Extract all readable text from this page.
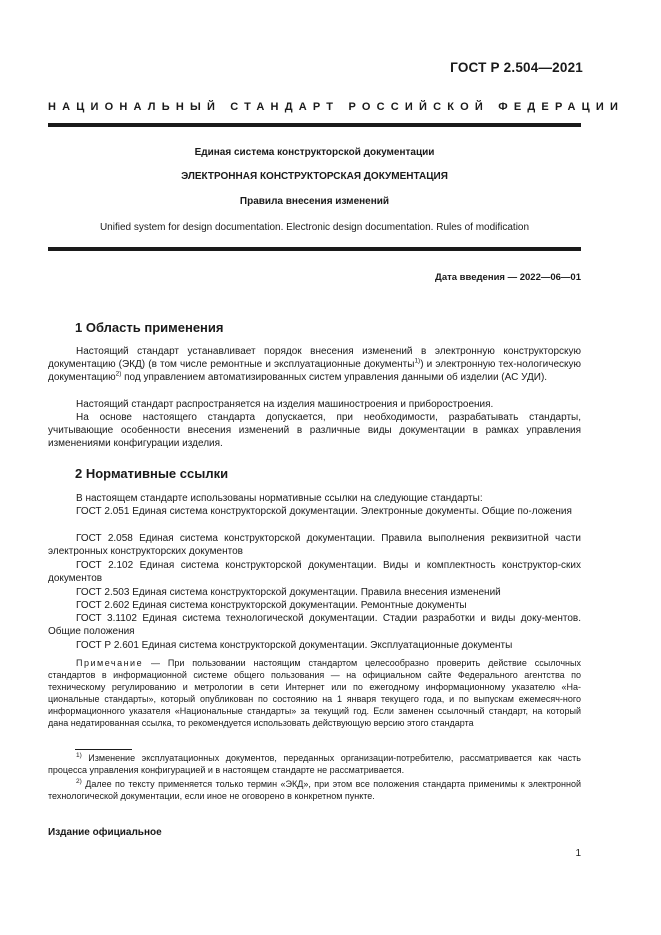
ГОСТ Р 2.504—2021
НАЦИОНАЛЬНЫЙ СТАНДАРТ РОССИЙСКОЙ ФЕДЕРАЦИИ
Единая система конструкторской документации
ЭЛЕКТРОННАЯ КОНСТРУКТОРСКАЯ ДОКУМЕНТАЦИЯ
Правила внесения изменений
Unified system for design documentation. Electronic design documentation. Rules of modification
Дата введения — 2022—06—01
1 Область применения
Настоящий стандарт устанавливает порядок внесения изменений в электронную конструкторскую документацию (ЭКД) (в том числе ремонтные и эксплуатационные документы$^{1)}$) и электронную тех-нологическую документацию$^{2)}$ под управлением автоматизированных систем управления данными об изделии (АС УДИ).
Настоящий стандарт распространяется на изделия машиностроения и приборостроения.
На основе настоящего стандарта допускается, при необходимости, разрабатывать стандарты, учитывающие особенности внесения изменений в различные виды документации в рамках управления изменениями конфигурации изделия.
2 Нормативные ссылки
В настоящем стандарте использованы нормативные ссылки на следующие стандарты:
ГОСТ 2.051 Единая система конструкторской документации. Электронные документы. Общие по-ложения
ГОСТ 2.058 Единая система конструкторской документации. Правила выполнения реквизитной части электронных конструкторских документов
ГОСТ 2.102 Единая система конструкторской документации. Виды и комплектность конструктор-ских документов
ГОСТ 2.503 Единая система конструкторской документации. Правила внесения изменений
ГОСТ 2.602 Единая система конструкторской документации. Ремонтные документы
ГОСТ 3.1102 Единая система технологической документации. Стадии разработки и виды доку-ментов. Общие положения
ГОСТ Р 2.601 Единая система конструкторской документации. Эксплуатационные документы
Примечание — При пользовании настоящим стандартом целесообразно проверить действие ссылочных стандартов в информационной системе общего пользования — на официальном сайте Федерального агентства по техническому регулированию и метрологии в сети Интернет или по ежегодному информационному указателю «На-циональные стандарты», который опубликован по состоянию на 1 января текущего года, и по выпускам ежемесяч-ного информационного указателя «Национальные стандарты» за текущий год. Если заменен ссылочный стандарт, на который дана недатированная ссылка, то рекомендуется использовать действующую версию этого стандарта
$^{1)}$ Изменение эксплуатационных документов, переданных организации-потребителю, рассматривается как часть процесса управления конфигурацией и в настоящем стандарте не рассматривается.
$^{2)}$ Далее по тексту применяется только термин «ЭКД», при этом все положения стандарта применимы к электронной технологической документации, если иное не оговорено в конкретном пункте.
Издание официальное
1
